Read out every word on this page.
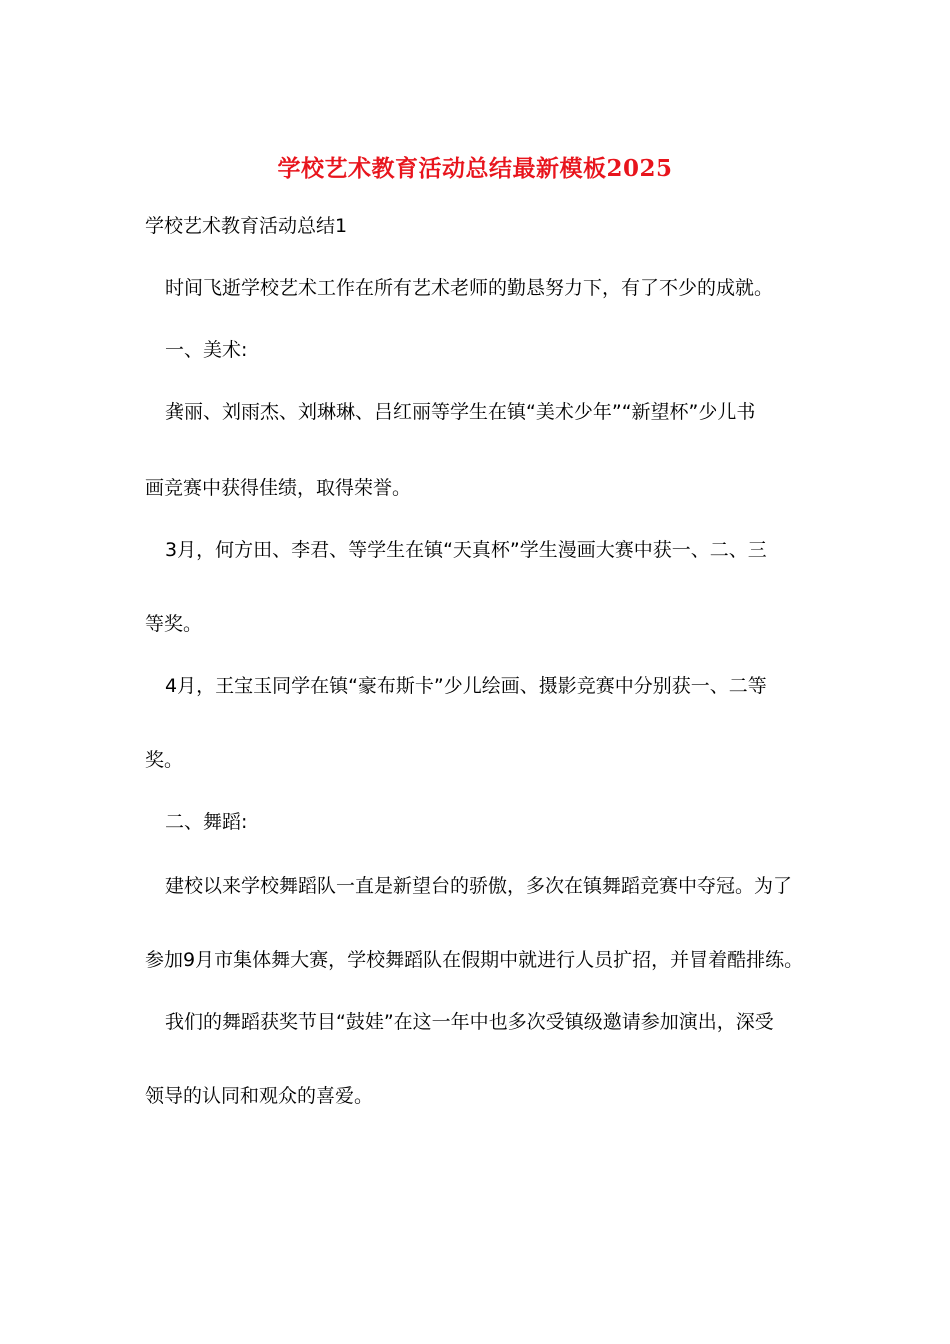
学校艺术教育活动总结最新模板2025
学校艺术教育活动总结1
时间飞逝学校艺术工作在所有艺术老师的勤恳努力下，有了不少的成就。
一、美术:
龚丽、刘雨杰、刘琳琳、吕红丽等学生在镇“美术少年”“新望杯”少儿书
画竞赛中获得佳绩，取得荣誉。
3月，何方田、李君、等学生在镇“天真杯”学生漫画大赛中获一、二、三
等奖。
4月，王宝玉同学在镇“豪布斯卡”少儿绘画、摄影竞赛中分别获一、二等
奖。
二、舞蹈:
建校以来学校舞蹈队一直是新望台的骄傲，多次在镇舞蹈竞赛中夺冠。为了
参加9月市集体舞大赛，学校舞蹈队在假期中就进行人员扩招，并冒着酷排练。
我们的舞蹈获奖节目“鼓娃”在这一年中也多次受镇级邀请参加演出，深受
领导的认同和观众的喜爱。
